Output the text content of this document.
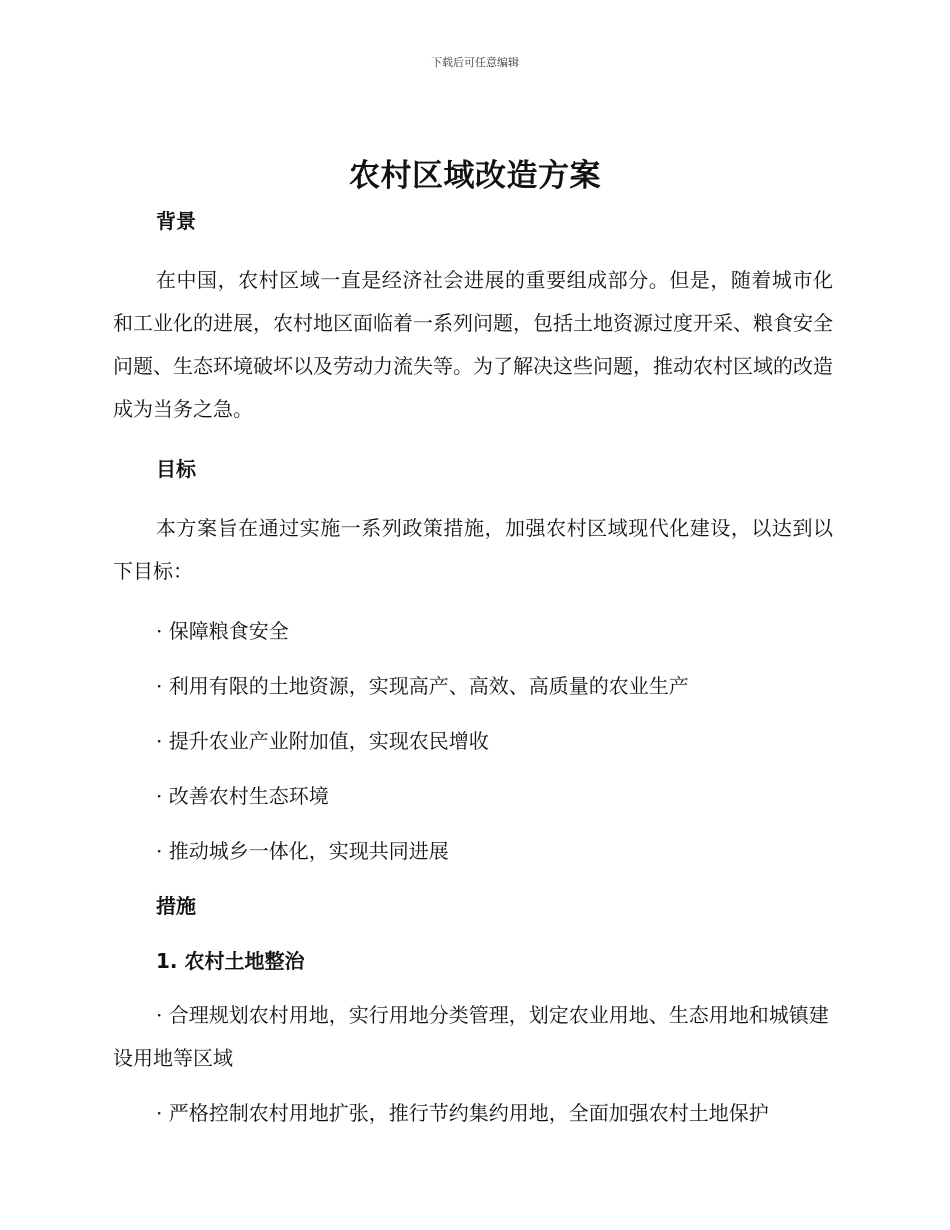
下载后可任意编辑
农村区域改造方案
背景
在中国，农村区域一直是经济社会进展的重要组成部分。但是，随着城市化和工业化的进展，农村地区面临着一系列问题，包括土地资源过度开采、粮食安全问题、生态环境破坏以及劳动力流失等。为了解决这些问题，推动农村区域的改造成为当务之急。
目标
本方案旨在通过实施一系列政策措施，加强农村区域现代化建设，以达到以下目标：
· 保障粮食安全
· 利用有限的土地资源，实现高产、高效、高质量的农业生产
· 提升农业产业附加值，实现农民增收
· 改善农村生态环境
· 推动城乡一体化，实现共同进展
措施
1. 农村土地整治
· 合理规划农村用地，实行用地分类管理，划定农业用地、生态用地和城镇建设用地等区域
· 严格控制农村用地扩张，推行节约集约用地，全面加强农村土地保护
